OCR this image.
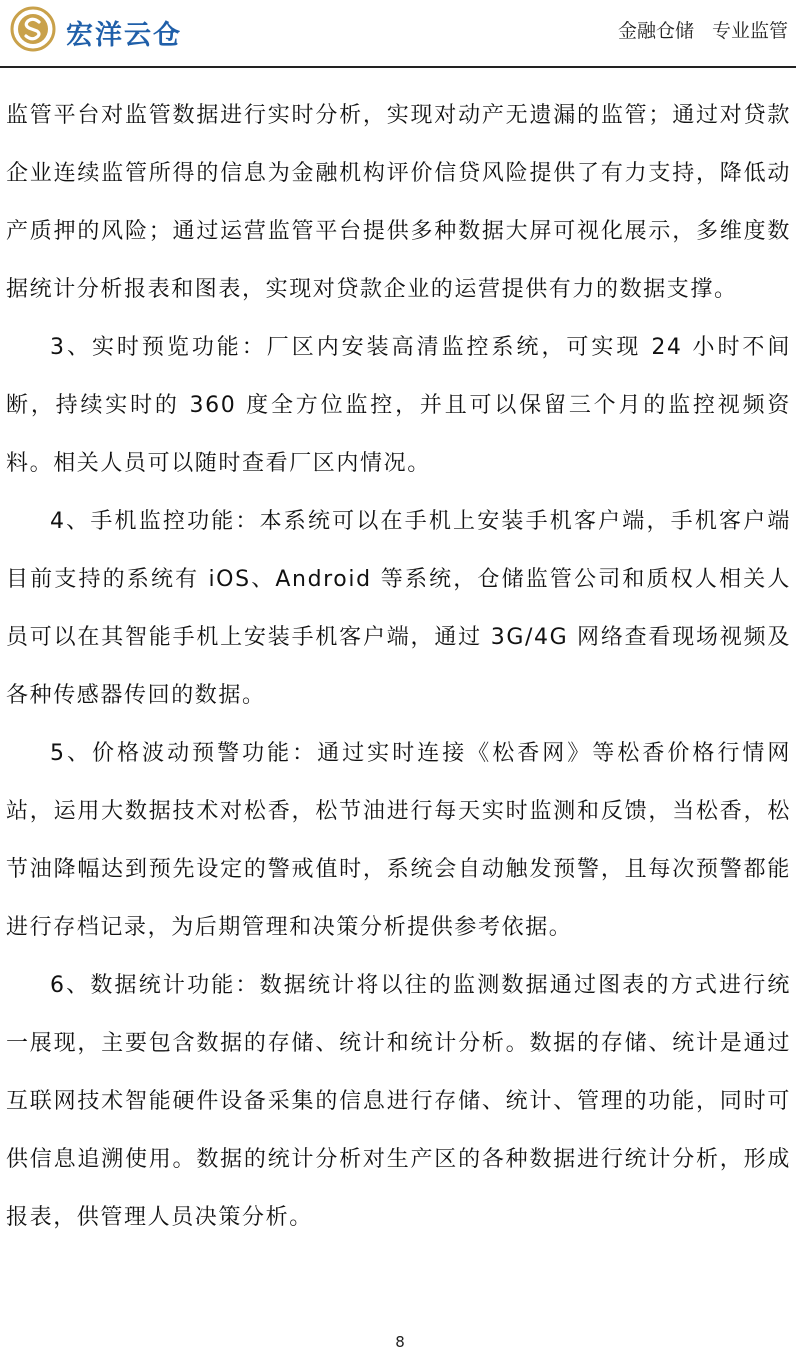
宏洋云仓	金融仓储 专业监管

监管平台对监管数据进行实时分析，实现对动产无遗漏的监管；通过对贷款企业连续监管所得的信息为金融机构评价信贷风险提供了有力支持，降低动产质押的风险；通过运营监管平台提供多种数据大屏可视化展示，多维度数据统计分析报表和图表，实现对贷款企业的运营提供有力的数据支撑。

3、实时预览功能：厂区内安装高清监控系统，可实现 24 小时不间断，持续实时的 360 度全方位监控，并且可以保留三个月的监控视频资料。相关人员可以随时查看厂区内情况。

4、手机监控功能：本系统可以在手机上安装手机客户端，手机客户端目前支持的系统有 iOS、Android 等系统，仓储监管公司和质权人相关人员可以在其智能手机上安装手机客户端，通过 3G/4G 网络查看现场视频及各种传感器传回的数据。

5、价格波动预警功能：通过实时连接《松香网》等松香价格行情网站，运用大数据技术对松香，松节油进行每天实时监测和反馈，当松香，松节油降幅达到预先设定的警戒值时，系统会自动触发预警，且每次预警都能进行存档记录，为后期管理和决策分析提供参考依据。

6、数据统计功能：数据统计将以往的监测数据通过图表的方式进行统一展现，主要包含数据的存储、统计和统计分析。数据的存储、统计是通过互联网技术智能硬件设备采集的信息进行存储、统计、管理的功能，同时可供信息追溯使用。数据的统计分析对生产区的各种数据进行统计分析，形成报表，供管理人员决策分析。

8
